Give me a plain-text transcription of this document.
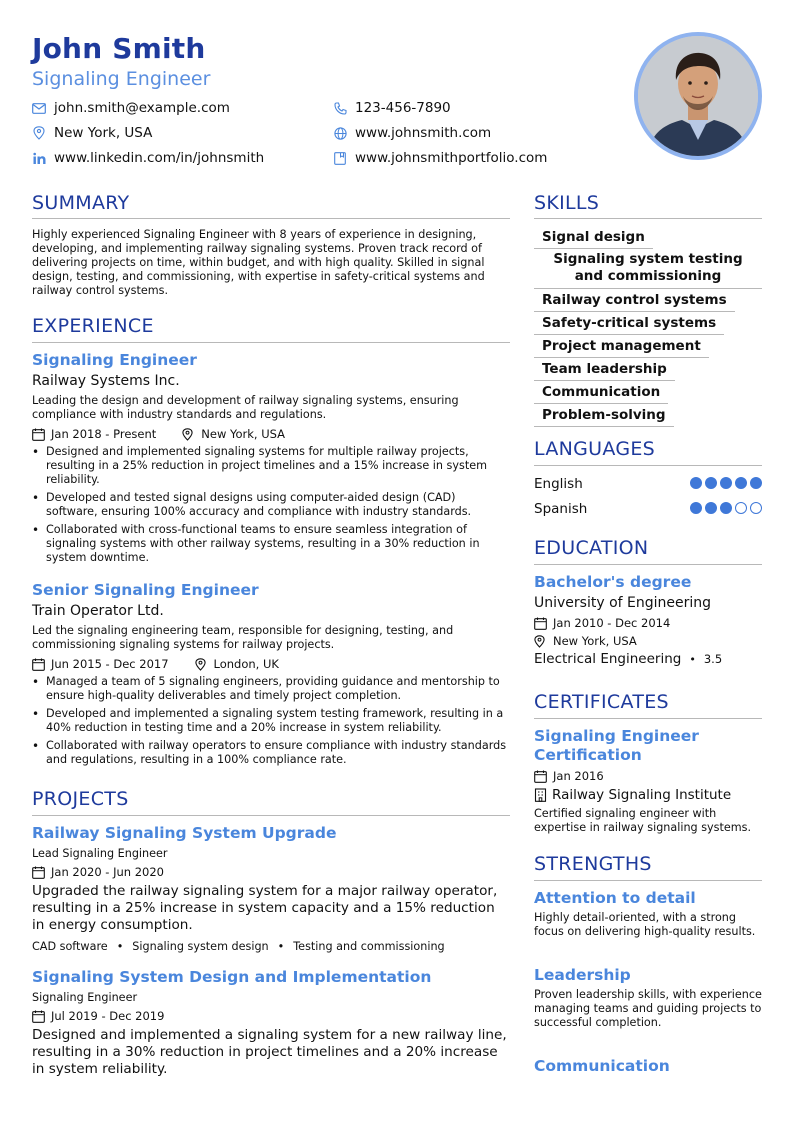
John Smith
Signaling Engineer
john.smith@example.com	123-456-7890
New York, USA	www.johnsmith.com
www.linkedin.com/in/johnsmith	www.johnsmithportfolio.com
SUMMARY
Highly experienced Signaling Engineer with 8 years of experience in designing, developing, and implementing railway signaling systems. Proven track record of delivering projects on time, within budget, and with high quality. Skilled in signal design, testing, and commissioning, with expertise in safety-critical systems and railway control systems.
EXPERIENCE
Signaling Engineer
Railway Systems Inc.
Leading the design and development of railway signaling systems, ensuring compliance with industry standards and regulations.
Jan 2018 - Present	New York, USA
• Designed and implemented signaling systems for multiple railway projects, resulting in a 25% reduction in project timelines and a 15% increase in system reliability.
• Developed and tested signal designs using computer-aided design (CAD) software, ensuring 100% accuracy and compliance with industry standards.
• Collaborated with cross-functional teams to ensure seamless integration of signaling systems with other railway systems, resulting in a 30% reduction in system downtime.
Senior Signaling Engineer
Train Operator Ltd.
Led the signaling engineering team, responsible for designing, testing, and commissioning signaling systems for railway projects.
Jun 2015 - Dec 2017	London, UK
• Managed a team of 5 signaling engineers, providing guidance and mentorship to ensure high-quality deliverables and timely project completion.
• Developed and implemented a signaling system testing framework, resulting in a 40% reduction in testing time and a 20% increase in system reliability.
• Collaborated with railway operators to ensure compliance with industry standards and regulations, resulting in a 100% compliance rate.
PROJECTS
Railway Signaling System Upgrade
Lead Signaling Engineer
Jan 2020 - Jun 2020
Upgraded the railway signaling system for a major railway operator, resulting in a 25% increase in system capacity and a 15% reduction in energy consumption.
CAD software • Signaling system design • Testing and commissioning
Signaling System Design and Implementation
Signaling Engineer
Jul 2019 - Dec 2019
Designed and implemented a signaling system for a new railway line, resulting in a 30% reduction in project timelines and a 20% increase in system reliability.
SKILLS
Signal design
Signaling system testing and commissioning
Railway control systems
Safety-critical systems
Project management
Team leadership
Communication
Problem-solving
LANGUAGES
English
Spanish
EDUCATION
Bachelor's degree
University of Engineering
Jan 2010 - Dec 2014
New York, USA
Electrical Engineering • 3.5
CERTIFICATES
Signaling Engineer Certification
Jan 2016
Railway Signaling Institute
Certified signaling engineer with expertise in railway signaling systems.
STRENGTHS
Attention to detail
Highly detail-oriented, with a strong focus on delivering high-quality results.
Leadership
Proven leadership skills, with experience managing teams and guiding projects to successful completion.
Communication
